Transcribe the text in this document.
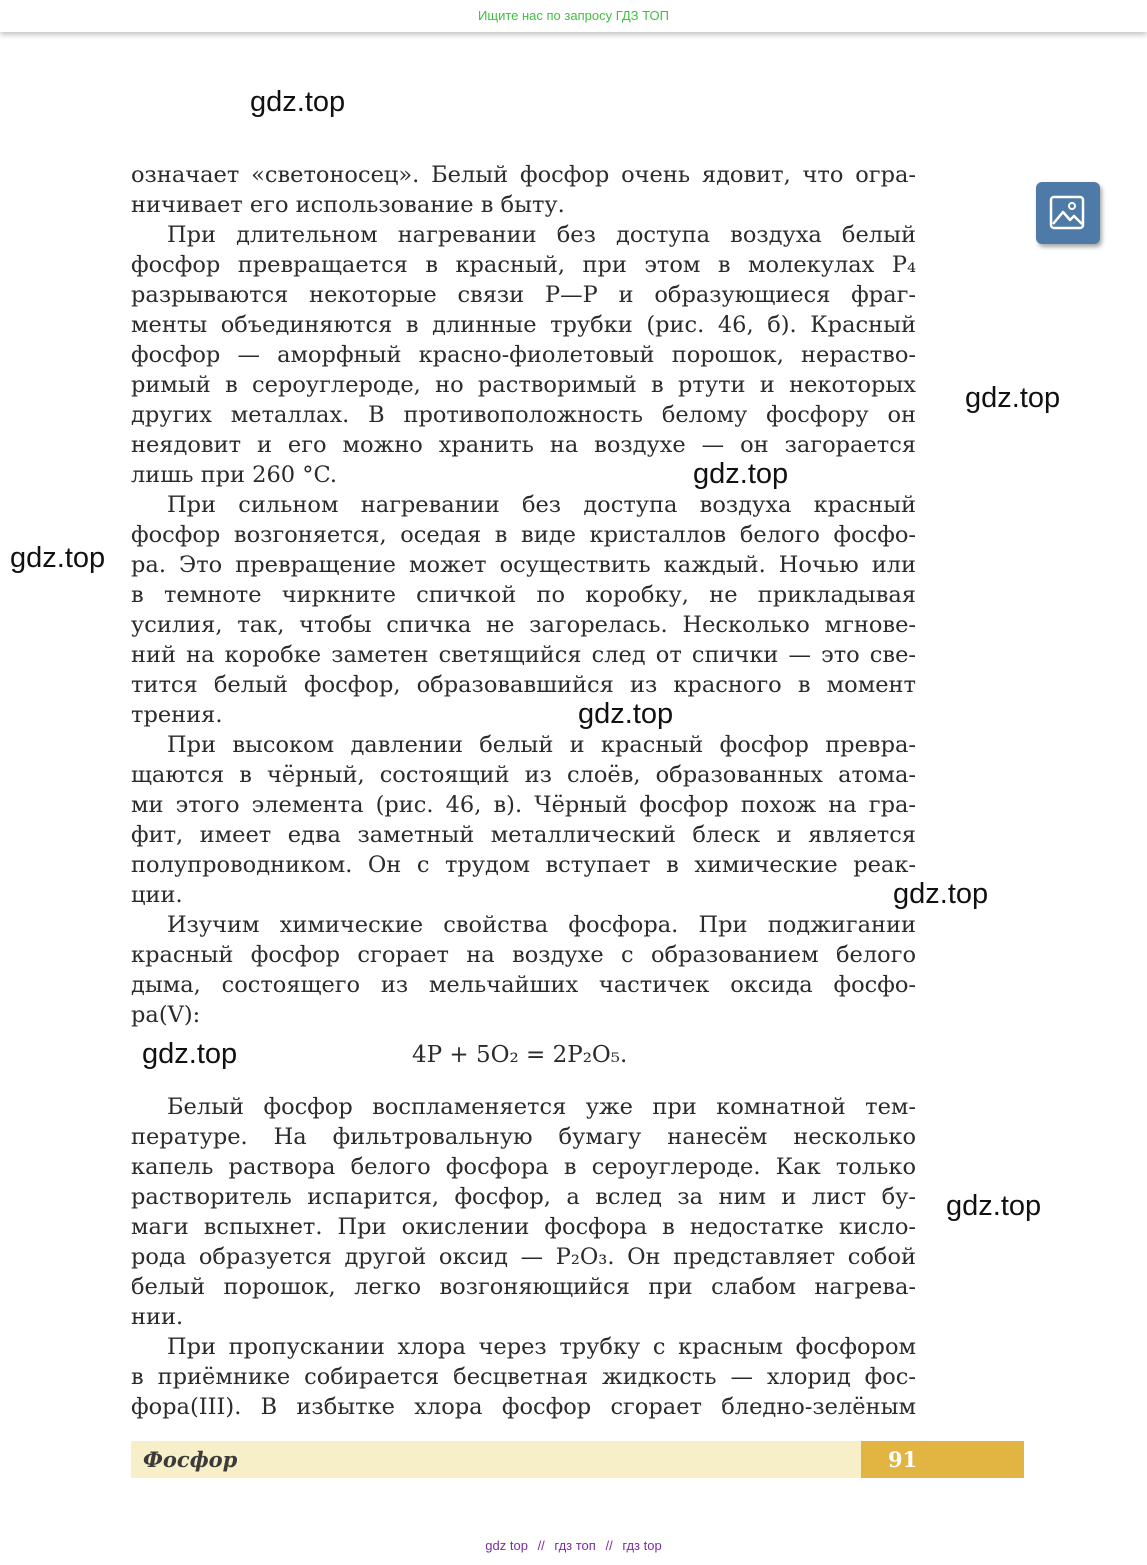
Ищите нас по запросу ГДЗ ТОП
gdz.top
gdz.top
gdz.top
gdz.top
gdz.top
gdz.top
gdz.top
gdz.top
означает «светоносец». Белый фосфор очень ядовит, что огра-
ничивает его использование в быту.
При длительном нагревании без доступа воздуха белый
фосфор превращается в красный, при этом в молекулах P₄
разрываются некоторые связи P—P и образующиеся фраг-
менты объединяются в длинные трубки (рис. 46, б). Красный
фосфор — аморфный красно-фиолетовый порошок, нераство-
римый в сероуглероде, но растворимый в ртути и некоторых
других металлах. В противоположность белому фосфору он
неядовит и его можно хранить на воздухе — он загорается
лишь при 260 °C.
При сильном нагревании без доступа воздуха красный
фосфор возгоняется, оседая в виде кристаллов белого фосфо-
ра. Это превращение может осуществить каждый. Ночью или
в темноте чиркните спичкой по коробку, не прикладывая
усилия, так, чтобы спичка не загорелась. Несколько мгнове-
ний на коробке заметен светящийся след от спички — это све-
тится белый фосфор, образовавшийся из красного в момент
трения.
При высоком давлении белый и красный фосфор превра-
щаются в чёрный, состоящий из слоёв, образованных атома-
ми этого элемента (рис. 46, в). Чёрный фосфор похож на гра-
фит, имеет едва заметный металлический блеск и является
полупроводником. Он с трудом вступает в химические реак-
ции.
Изучим химические свойства фосфора. При поджигании
красный фосфор сгорает на воздухе с образованием белого
дыма, состоящего из мельчайших частичек оксида фосфо-
ра(V):
Белый фосфор воспламеняется уже при комнатной тем-
пературе. На фильтровальную бумагу нанесём несколько
капель раствора белого фосфора в сероуглероде. Как только
растворитель испарится, фосфор, а вслед за ним и лист бу-
маги вспыхнет. При окислении фосфора в недостатке кисло-
рода образуется другой оксид — P₂O₃. Он представляет собой
белый порошок, легко возгоняющийся при слабом нагрева-
нии.
При пропускании хлора через трубку с красным фосфором
в приёмнике собирается бесцветная жидкость — хлорид фос-
фора(III). В избытке хлора фосфор сгорает бледно-зелёным
4P + 5O₂ = 2P₂O₅.
Фосфор	91
gdz top // гдз топ // гдз top
